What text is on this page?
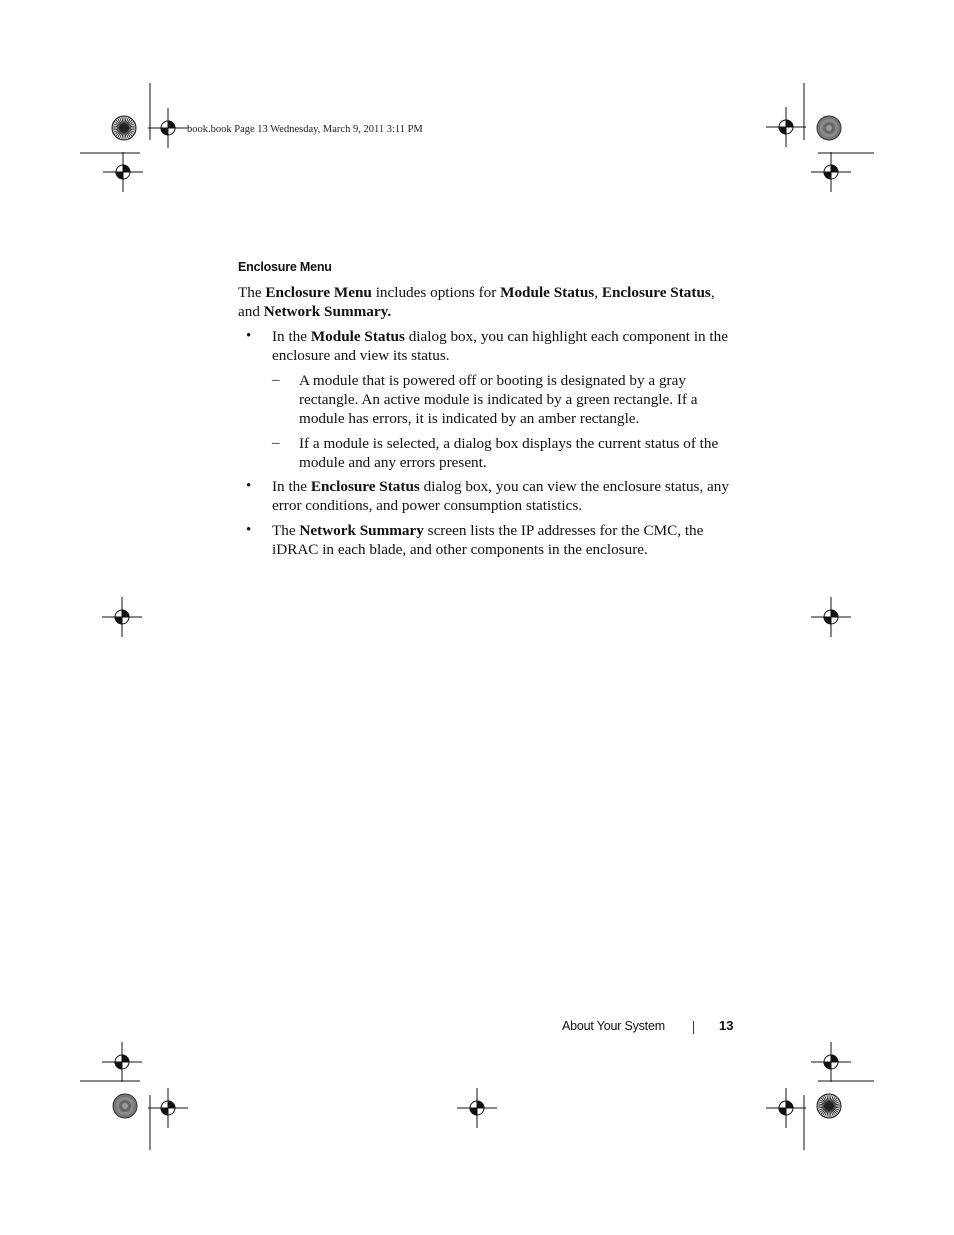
book.book Page 13 Wednesday, March 9, 2011 3:11 PM
Enclosure Menu
The Enclosure Menu includes options for Module Status, Enclosure Status,
and Network Summary.
• In the Module Status dialog box, you can highlight each component in the
enclosure and view its status.
– A module that is powered off or booting is designated by a gray
rectangle. An active module is indicated by a green rectangle. If a
module has errors, it is indicated by an amber rectangle.
– If a module is selected, a dialog box displays the current status of the
module and any errors present.
• In the Enclosure Status dialog box, you can view the enclosure status, any
error conditions, and power consumption statistics.
• The Network Summary screen lists the IP addresses for the CMC, the
iDRAC in each blade, and other components in the enclosure.
About Your System	13
